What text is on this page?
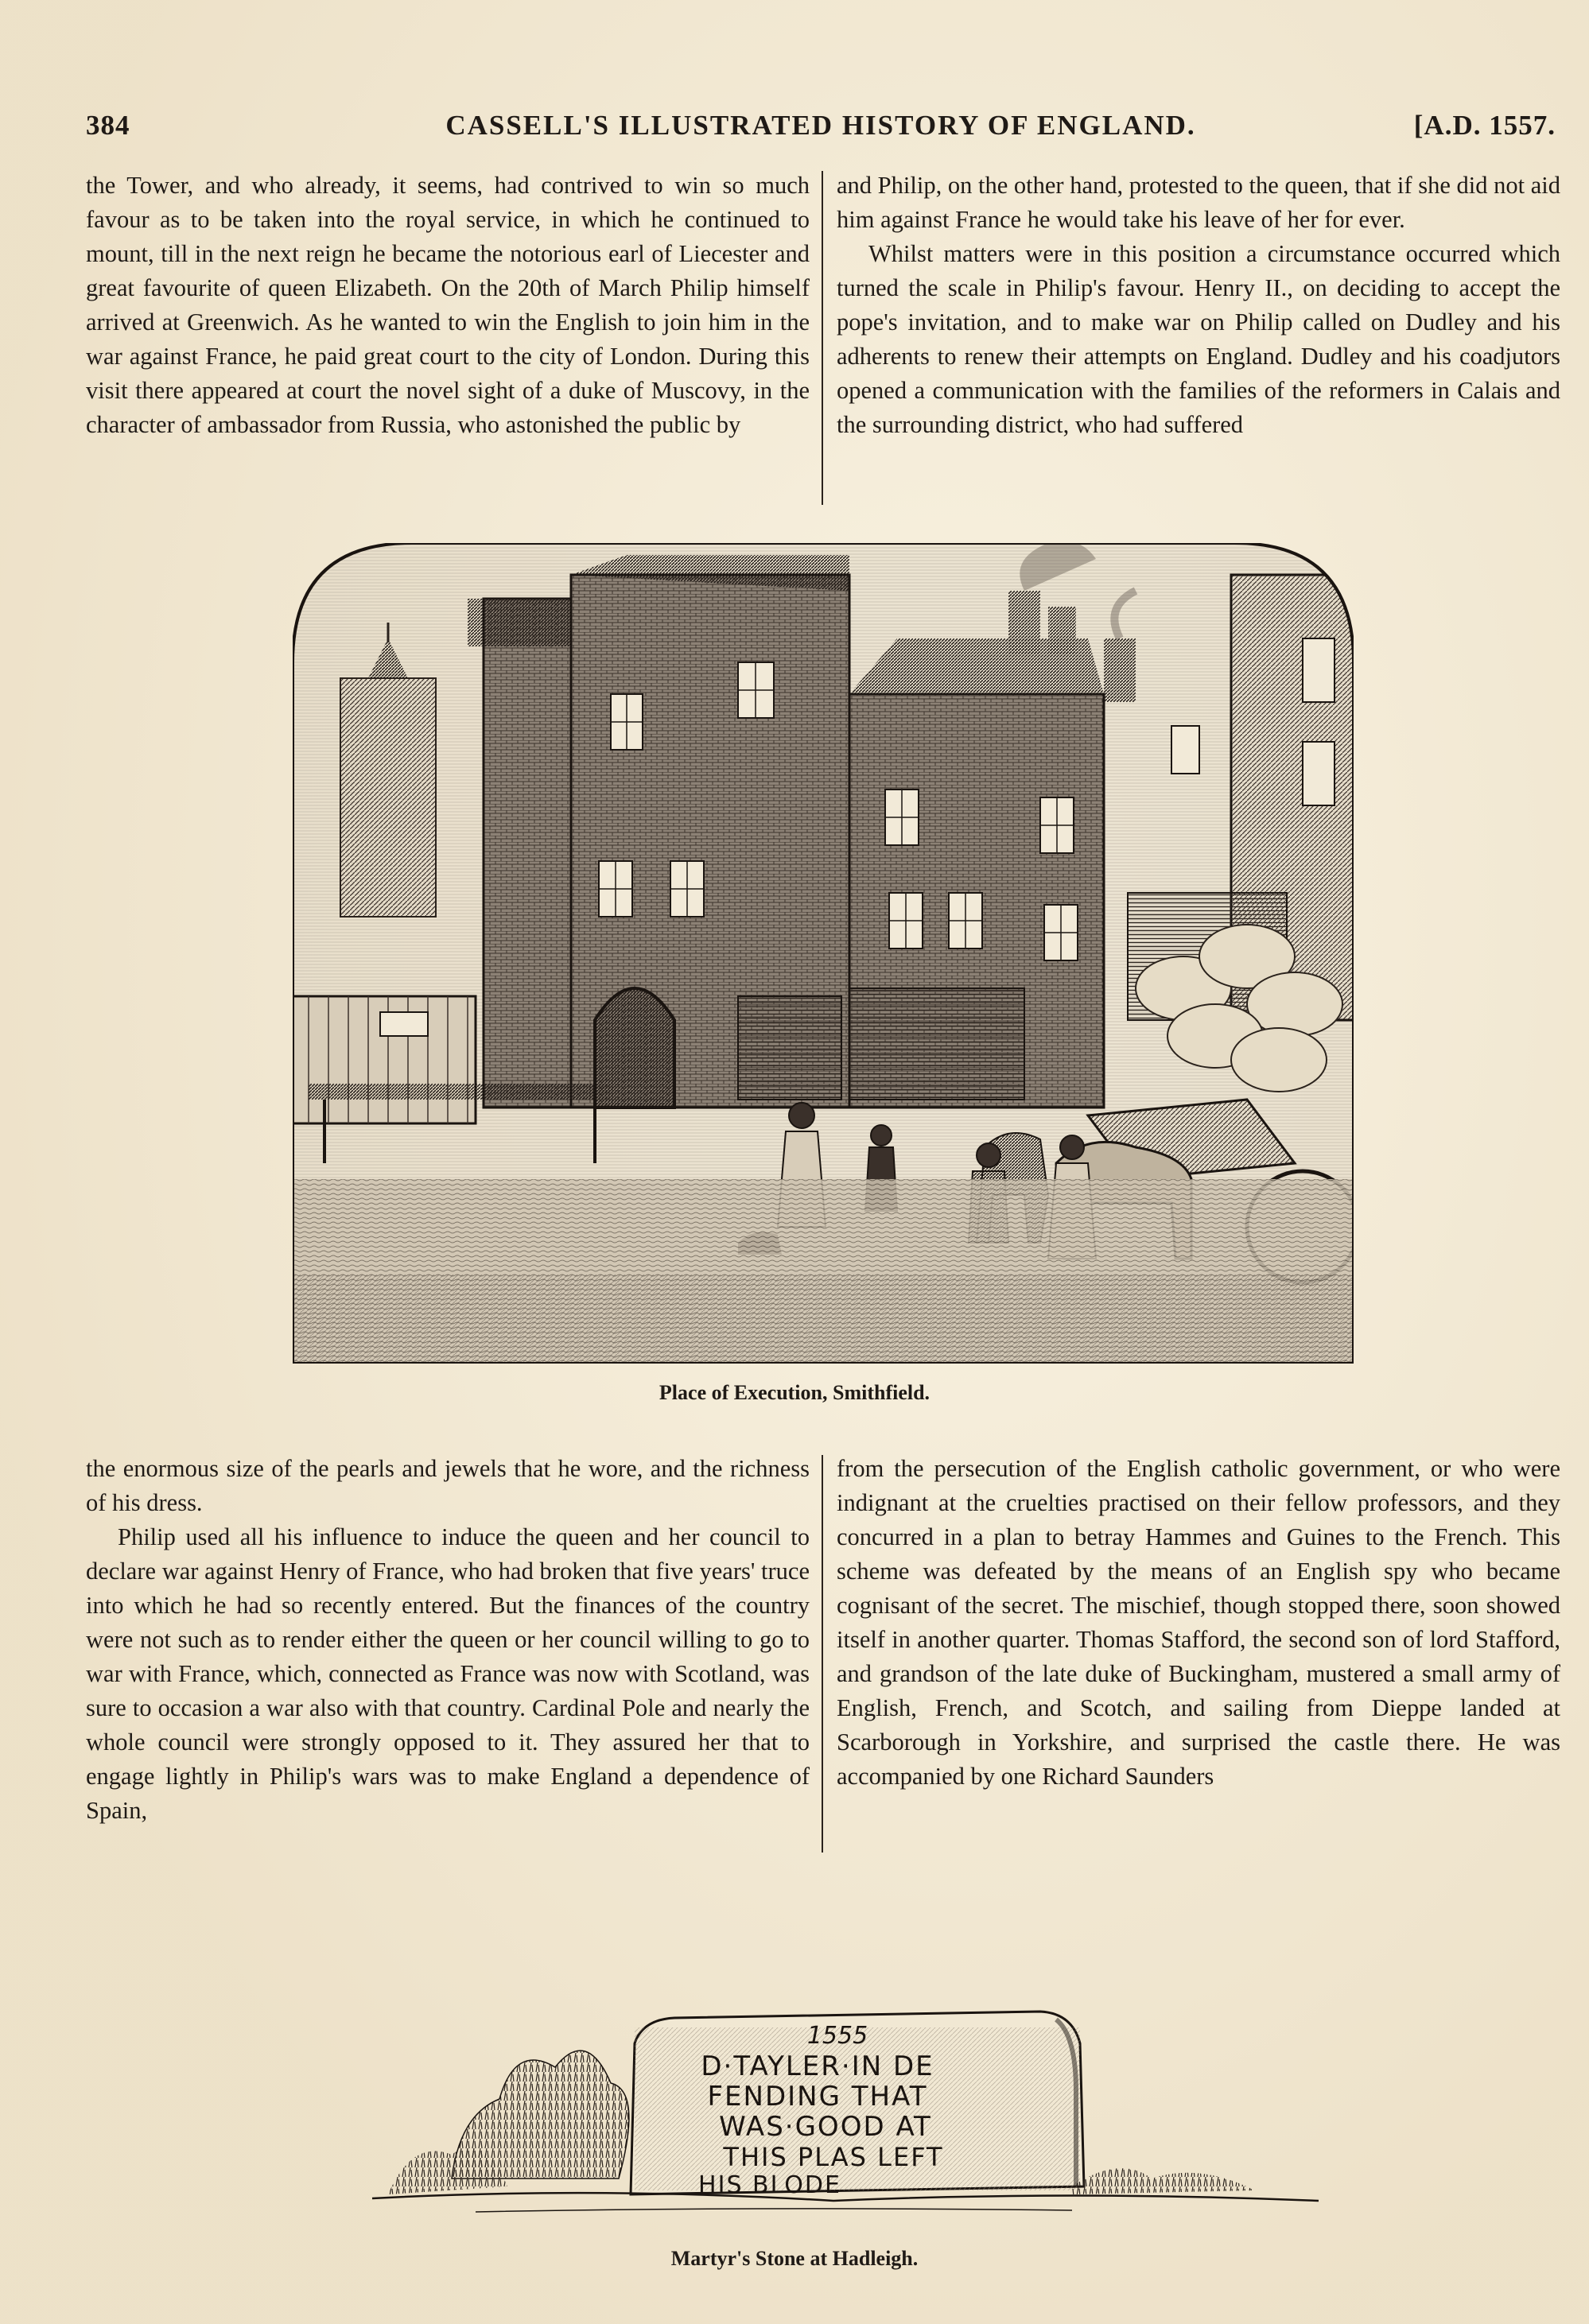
384	CASSELL'S ILLUSTRATED HISTORY OF ENGLAND.	[A.D. 1557.

the Tower, and who already, it seems, had contrived to win so much favour as to be taken into the royal service, in which he continued to mount, till in the next reign he became the notorious earl of Liecester and great favourite of queen Elizabeth. On the 20th of March Philip himself arrived at Greenwich. As he wanted to win the English to join him in the war against France, he paid great court to the city of London. During this visit there appeared at court the novel sight of a duke of Muscovy, in the character of ambassador from Russia, who astonished the public by

and Philip, on the other hand, protested to the queen, that if she did not aid him against France he would take his leave of her for ever.

Whilst matters were in this position a circumstance occurred which turned the scale in Philip's favour. Henry II., on deciding to accept the pope's invitation, and to make war on Philip called on Dudley and his adherents to renew their attempts on England. Dudley and his coadjutors opened a communication with the families of the reformers in Calais and the surrounding district, who had suffered

Place of Execution, Smithfield.

the enormous size of the pearls and jewels that he wore, and the richness of his dress.

Philip used all his influence to induce the queen and her council to declare war against Henry of France, who had broken that five years' truce into which he had so recently entered. But the finances of the country were not such as to render either the queen or her council willing to go to war with France, which, connected as France was now with Scotland, was sure to occasion a war also with that country. Cardinal Pole and nearly the whole council were strongly opposed to it. They assured her that to engage lightly in Philip's wars was to make England a dependence of Spain,

from the persecution of the English catholic government, or who were indignant at the cruelties practised on their fellow professors, and they concurred in a plan to betray Hammes and Guines to the French. This scheme was defeated by the means of an English spy who became cognisant of the secret. The mischief, though stopped there, soon showed itself in another quarter. Thomas Stafford, the second son of lord Stafford, and grandson of the late duke of Buckingham, mustered a small army of English, French, and Scotch, and sailing from Dieppe landed at Scarborough in Yorkshire, and surprised the castle there. He was accompanied by one Richard Saunders

1555
D·TAYLER·IN DE
FENDING THAT
WAS·GOOD AT
THIS PLAS LEFT
HIS BLODE
Martyr's Stone at Hadleigh.
